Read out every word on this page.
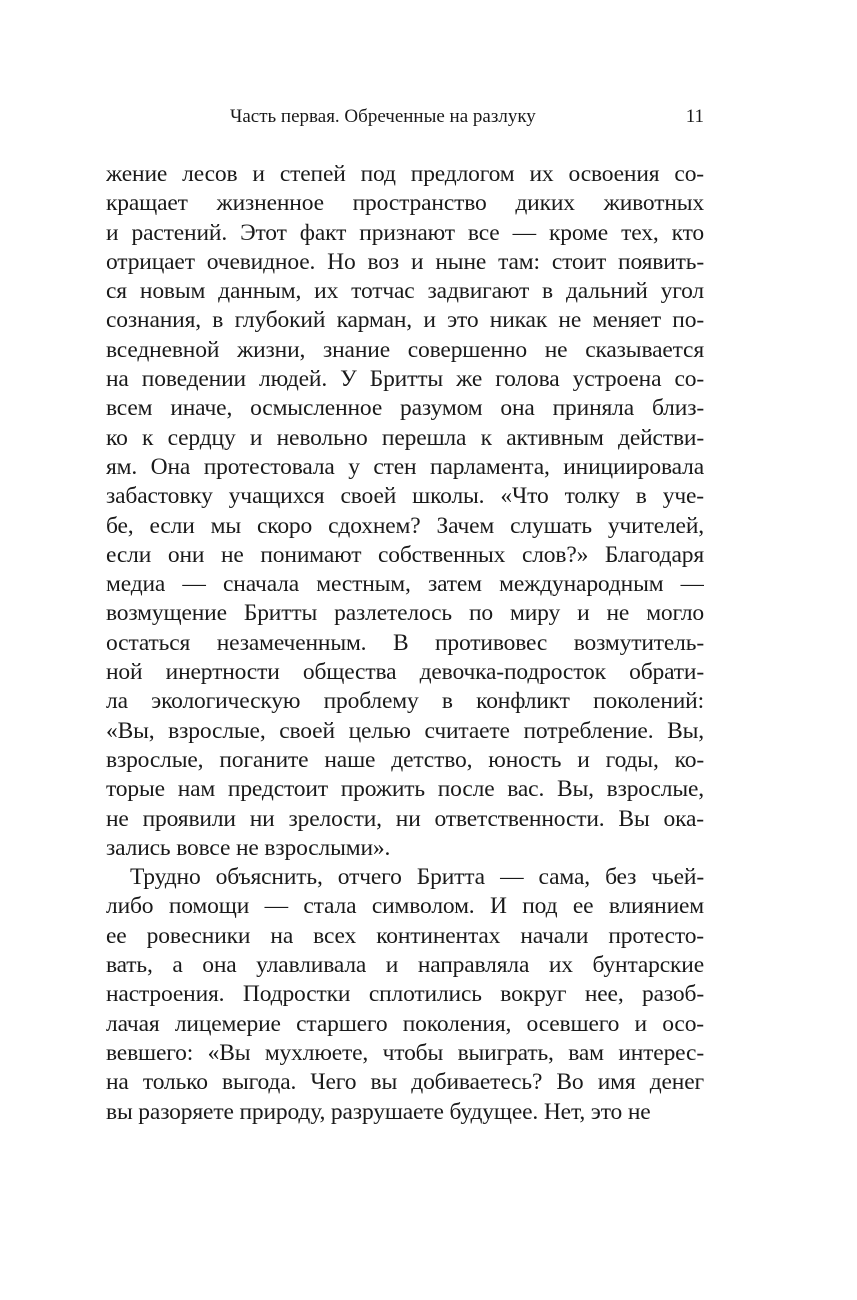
Часть первая. Обреченные на разлуку	11
жение лесов и степей под предлогом их освоения со-
кращает жизненное пространство диких животных
и растений. Этот факт признают все — кроме тех, кто
отрицает очевидное. Но воз и ныне там: стоит появить-
ся новым данным, их тотчас задвигают в дальний угол
сознания, в глубокий карман, и это никак не меняет по-
вседневной жизни, знание совершенно не сказывается
на поведении людей. У Бритты же голова устроена со-
всем иначе, осмысленное разумом она приняла близ-
ко к сердцу и невольно перешла к активным действи-
ям. Она протестовала у стен парламента, инициировала
забастовку учащихся своей школы. «Что толку в уче-
бе, если мы скоро сдохнем? Зачем слушать учителей,
если они не понимают собственных слов?» Благодаря
медиа — сначала местным, затем международным —
возмущение Бритты разлетелось по миру и не могло
остаться незамеченным. В противовес возмутитель-
ной инертности общества девочка-подросток обрати-
ла экологическую проблему в конфликт поколений:
«Вы, взрослые, своей целью считаете потребление. Вы,
взрослые, поганите наше детство, юность и годы, ко-
торые нам предстоит прожить после вас. Вы, взрослые,
не проявили ни зрелости, ни ответственности. Вы ока-
зались вовсе не взрослыми».
Трудно объяснить, отчего Бритта — сама, без чьей-
либо помощи — стала символом. И под ее влиянием
ее ровесники на всех континентах начали протесто-
вать, а она улавливала и направляла их бунтарские
настроения. Подростки сплотились вокруг нее, разоб-
лачая лицемерие старшего поколения, осевшего и осо-
вевшего: «Вы мухлюете, чтобы выиграть, вам интерес-
на только выгода. Чего вы добиваетесь? Во имя денег
вы разоряете природу, разрушаете будущее. Нет, это не
